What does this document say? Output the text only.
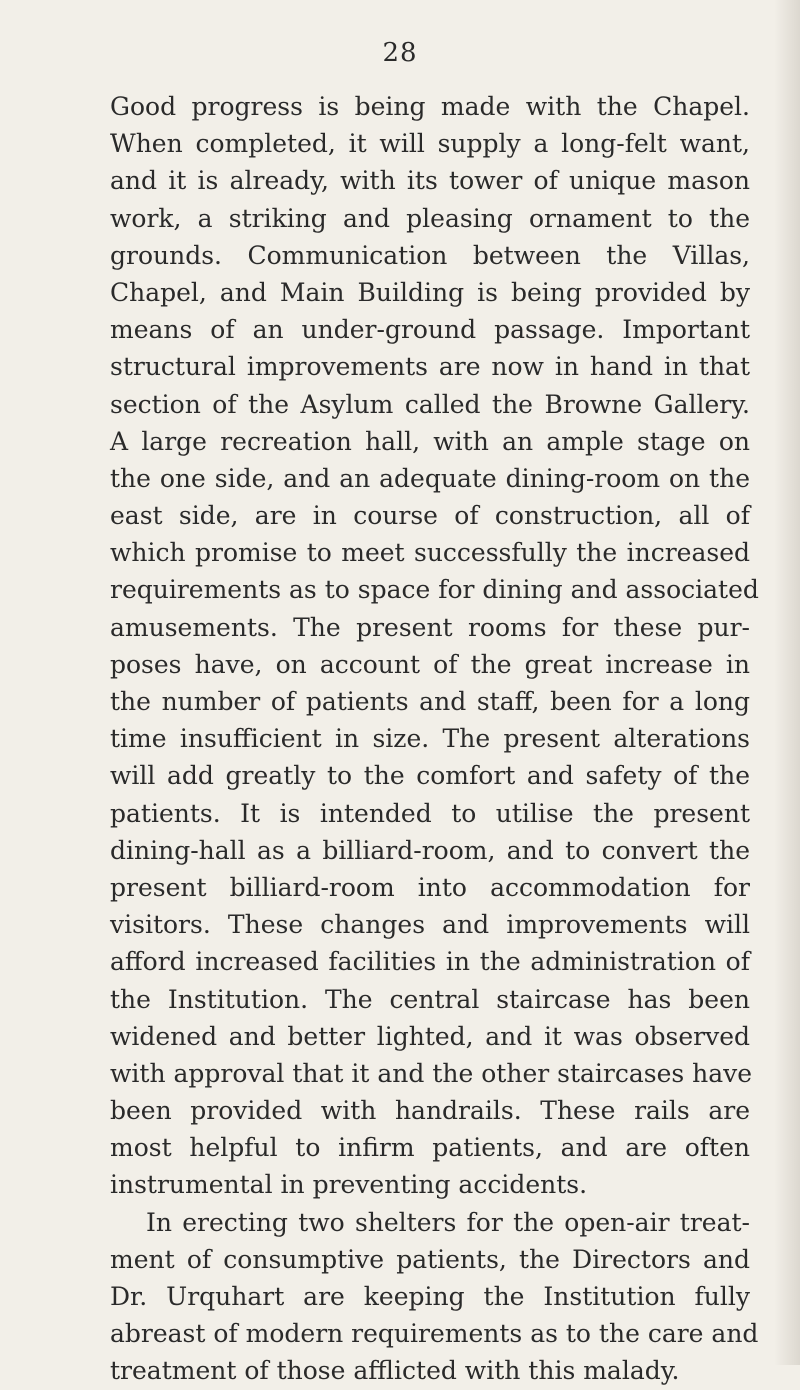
28
Good progress is being made with the Chapel.
When completed, it will supply a long-felt want,
and it is already, with its tower of unique mason
work, a striking and pleasing ornament to the
grounds. Communication between the Villas,
Chapel, and Main Building is being provided by
means of an under-ground passage. Important
structural improvements are now in hand in that
section of the Asylum called the Browne Gallery.
A large recreation hall, with an ample stage on
the one side, and an adequate dining-room on the
east side, are in course of construction, all of
which promise to meet successfully the increased
requirements as to space for dining and associated
amusements. The present rooms for these pur-
poses have, on account of the great increase in
the number of patients and staff, been for a long
time insufficient in size. The present alterations
will add greatly to the comfort and safety of the
patients. It is intended to utilise the present
dining-hall as a billiard-room, and to convert the
present billiard-room into accommodation for
visitors. These changes and improvements will
afford increased facilities in the administration of
the Institution. The central staircase has been
widened and better lighted, and it was observed
with approval that it and the other staircases have
been provided with handrails. These rails are
most helpful to infirm patients, and are often
instrumental in preventing accidents.
In erecting two shelters for the open-air treat-
ment of consumptive patients, the Directors and
Dr. Urquhart are keeping the Institution fully
abreast of modern requirements as to the care and
treatment of those afflicted with this malady.
